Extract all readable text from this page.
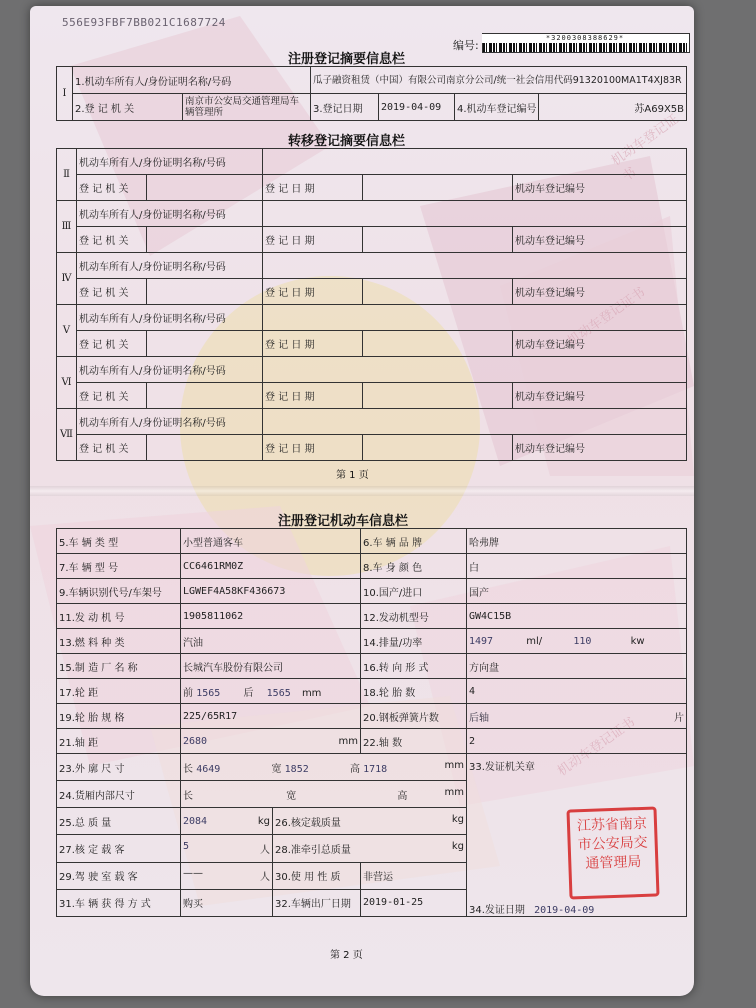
机动车登记证书
机动车登记证书
机动车登记证书
556E93FBF7BB021C1687724
编号:
*3200308388629*
注册登记摘要信息栏
Ⅰ	1.机动车所有人/身份证明名称/号码		瓜子融资租赁（中国）有限公司南京分公司/统一社会信用代码91320100MA1T4XJ83R			
	2.登 记 机 关	南京市公安局交通管理局车辆管理所	3.登记日期	2019-04-09	4.机动车登记编号	苏A69X5B
转移登记摘要信息栏
Ⅱ	机动车所有人/身份证明名称/号码				
	登 记 机 关		登 记 日 期		机动车登记编号
Ⅲ	机动车所有人/身份证明名称/号码				
	登 记 机 关		登 记 日 期		机动车登记编号
Ⅳ	机动车所有人/身份证明名称/号码				
	登 记 机 关		登 记 日 期		机动车登记编号
Ⅴ	机动车所有人/身份证明名称/号码				
	登 记 机 关		登 记 日 期		机动车登记编号
Ⅵ	机动车所有人/身份证明名称/号码				
	登 记 机 关		登 记 日 期		机动车登记编号
Ⅶ	机动车所有人/身份证明名称/号码				
	登 记 机 关		登 记 日 期		机动车登记编号
第 1 页
注册登记机动车信息栏
5.车 辆 类 型	小型普通客车		6.车 辆 品 牌	哈弗牌
7.车 辆 型 号	CC6461RM0Z		8.车 身 颜 色	白
9.车辆识别代号/车架号	LGWEF4A58KF436673		10.国产/进口	国产
11.发 动 机 号	1905811062		12.发动机型号	GW4C15B
13.燃 料 种 类	汽油		14.排量/功率	1497 ml/ 110 kw
15.制 造 厂 名 称	长城汽车股份有限公司		16.转 向 形 式	方向盘
17.轮 距	前 1565 后 1565 mm		18.轮 胎 数	4
19.轮 胎 规 格	225/65R17		20.钢板弹簧片数	后轴 片

21.轴 距	2680 mm		22.轴 数	2
23.外 廓 尺 寸	长 4649 宽 1852 高 1718 mm			33.发证机关章
34.发证日期 2019-04-09
24.货厢内部尺寸	长 宽 高 mm			

25.总 质 量	2084 kg	26.核定载质量 kg		

27.核 定 载 客	5 人	28.准牵引总质量 kg		

29.驾 驶 室 载 客	—— 人	30.使 用 性 质	非营运	
31.车 辆 获 得 方 式	购买	32.车辆出厂日期	2019-01-25	
江苏省南京
市公安局交
通管理局
第 2 页
